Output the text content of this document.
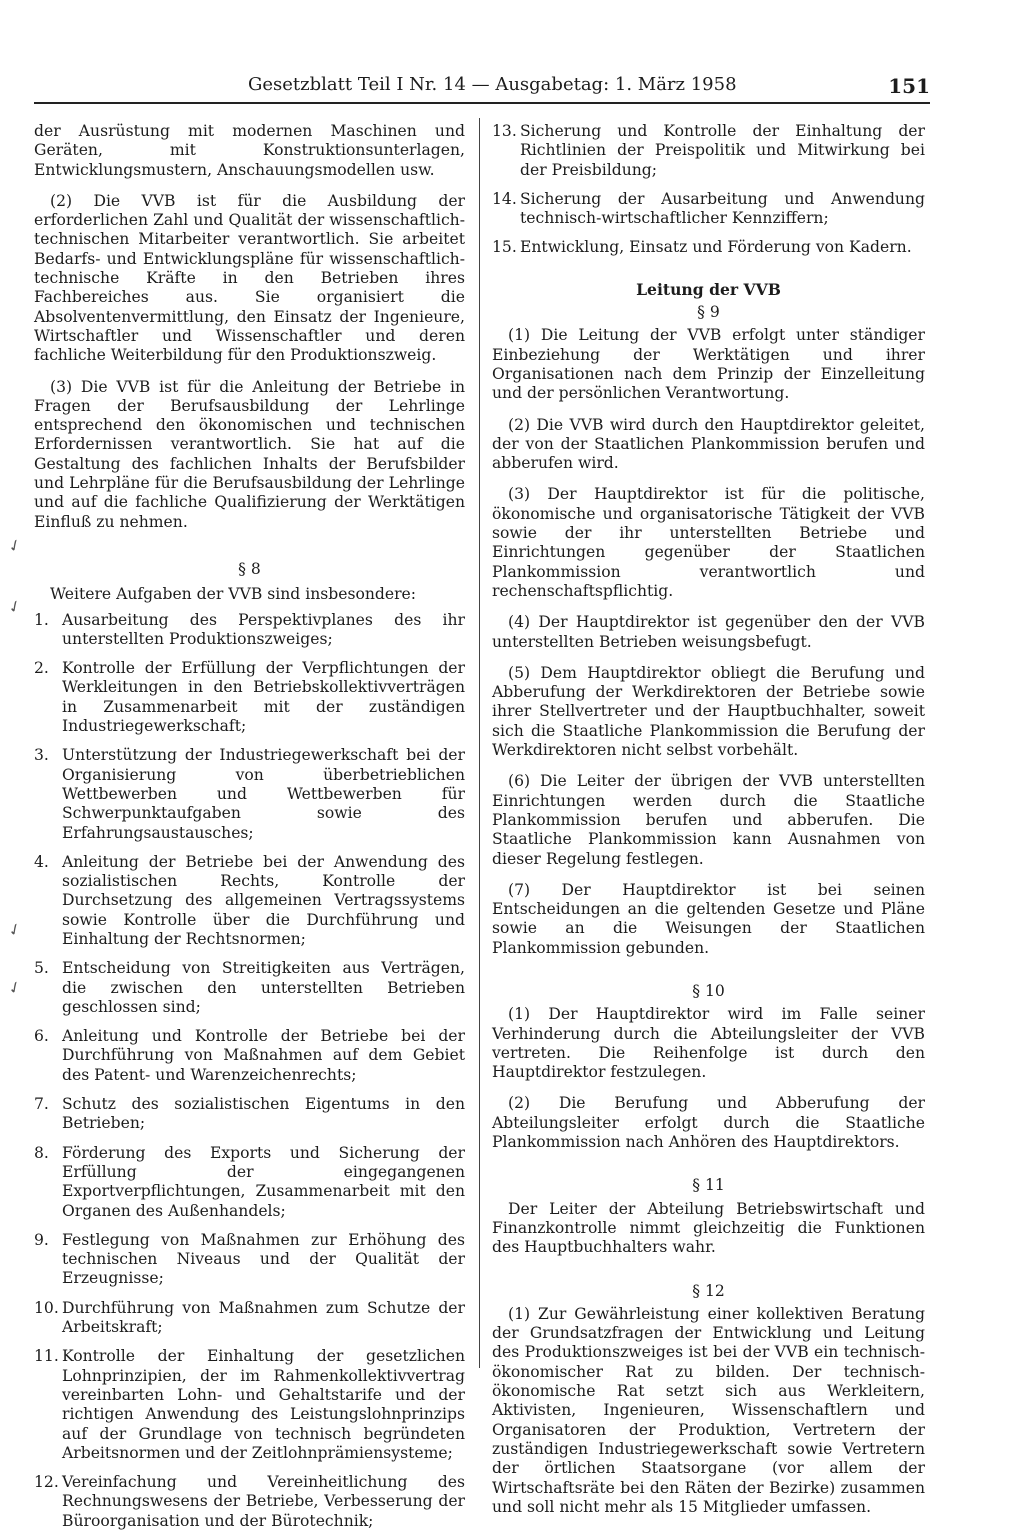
Gesetzblatt Teil I Nr. 14 — Ausgabetag: 1. März 1958	151
✓
✓
✓
✓

der Ausrüstung mit modernen Maschinen und Geräten, mit Konstruktionsunterlagen, Entwicklungsmustern, Anschauungsmodellen usw.

(2) Die VVB ist für die Ausbildung der erforderlichen Zahl und Qualität der wissenschaftlich-technischen Mitarbeiter verantwortlich. Sie arbeitet Bedarfs- und Entwicklungspläne für wissenschaftlich-technische Kräfte in den Betrieben ihres Fachbereiches aus. Sie organisiert die Absolventenvermittlung, den Einsatz der Ingenieure, Wirtschaftler und Wissenschaftler und deren fachliche Weiterbildung für den Produktionszweig.

(3) Die VVB ist für die Anleitung der Betriebe in Fragen der Berufsausbildung der Lehrlinge entsprechend den ökonomischen und technischen Erfordernissen verantwortlich. Sie hat auf die Gestaltung des fachlichen Inhalts der Berufsbilder und Lehrpläne für die Berufsausbildung der Lehrlinge und auf die fachliche Qualifizierung der Werktätigen Einfluß zu nehmen.

§ 8

Weitere Aufgaben der VVB sind insbesondere:

1. Ausarbeitung des Perspektivplanes des ihr unterstellten Produktionszweiges;
2. Kontrolle der Erfüllung der Verpflichtungen der Werkleitungen in den Betriebskollektivverträgen in Zusammenarbeit mit der zuständigen Industriegewerkschaft;
3. Unterstützung der Industriegewerkschaft bei der Organisierung von überbetrieblichen Wettbewerben und Wettbewerben für Schwerpunktaufgaben sowie des Erfahrungsaustausches;
4. Anleitung der Betriebe bei der Anwendung des sozialistischen Rechts, Kontrolle der Durchsetzung des allgemeinen Vertragssystems sowie Kontrolle über die Durchführung und Einhaltung der Rechtsnormen;
5. Entscheidung von Streitigkeiten aus Verträgen, die zwischen den unterstellten Betrieben geschlossen sind;
6. Anleitung und Kontrolle der Betriebe bei der Durchführung von Maßnahmen auf dem Gebiet des Patent- und Warenzeichenrechts;
7. Schutz des sozialistischen Eigentums in den Betrieben;
8. Förderung des Exports und Sicherung der Erfüllung der eingegangenen Exportverpflichtungen, Zusammenarbeit mit den Organen des Außenhandels;
9. Festlegung von Maßnahmen zur Erhöhung des technischen Niveaus und der Qualität der Erzeugnisse;
10. Durchführung von Maßnahmen zum Schutze der Arbeitskraft;
11. Kontrolle der Einhaltung der gesetzlichen Lohnprinzipien, der im Rahmenkollektivvertrag vereinbarten Lohn- und Gehaltstarife und der richtigen Anwendung des Leistungslohnprinzips auf der Grundlage von technisch begründeten Arbeitsnormen und der Zeitlohnprämiensysteme;
12. Vereinfachung und Vereinheitlichung des Rechnungswesens der Betriebe, Verbesserung der Büroorganisation und der Bürotechnik;
13. Sicherung und Kontrolle der Einhaltung der Richtlinien der Preispolitik und Mitwirkung bei der Preisbildung;
14. Sicherung der Ausarbeitung und Anwendung technisch-wirtschaftlicher Kennziffern;
15. Entwicklung, Einsatz und Förderung von Kadern.

Leitung der VVB

§ 9

(1) Die Leitung der VVB erfolgt unter ständiger Einbeziehung der Werktätigen und ihrer Organisationen nach dem Prinzip der Einzelleitung und der persönlichen Verantwortung.

(2) Die VVB wird durch den Hauptdirektor geleitet, der von der Staatlichen Plankommission berufen und abberufen wird.

(3) Der Hauptdirektor ist für die politische, ökonomische und organisatorische Tätigkeit der VVB sowie der ihr unterstellten Betriebe und Einrichtungen gegenüber der Staatlichen Plankommission verantwortlich und rechenschaftspflichtig.

(4) Der Hauptdirektor ist gegenüber den der VVB unterstellten Betrieben weisungsbefugt.

(5) Dem Hauptdirektor obliegt die Berufung und Abberufung der Werkdirektoren der Betriebe sowie ihrer Stellvertreter und der Hauptbuchhalter, soweit sich die Staatliche Plankommission die Berufung der Werkdirektoren nicht selbst vorbehält.

(6) Die Leiter der übrigen der VVB unterstellten Einrichtungen werden durch die Staatliche Plankommission berufen und abberufen. Die Staatliche Plankommission kann Ausnahmen von dieser Regelung festlegen.

(7) Der Hauptdirektor ist bei seinen Entscheidungen an die geltenden Gesetze und Pläne sowie an die Weisungen der Staatlichen Plankommission gebunden.

§ 10

(1) Der Hauptdirektor wird im Falle seiner Verhinderung durch die Abteilungsleiter der VVB vertreten. Die Reihenfolge ist durch den Hauptdirektor festzulegen.

(2) Die Berufung und Abberufung der Abteilungsleiter erfolgt durch die Staatliche Plankommission nach Anhören des Hauptdirektors.

§ 11

Der Leiter der Abteilung Betriebswirtschaft und Finanzkontrolle nimmt gleichzeitig die Funktionen des Hauptbuchhalters wahr.

§ 12

(1) Zur Gewährleistung einer kollektiven Beratung der Grundsatzfragen der Entwicklung und Leitung des Produktionszweiges ist bei der VVB ein technisch-ökonomischer Rat zu bilden. Der technisch-ökonomische Rat setzt sich aus Werkleitern, Aktivisten, Ingenieuren, Wissenschaftlern und Organisatoren der Produktion, Vertretern der zuständigen Industriegewerkschaft sowie Vertretern der örtlichen Staatsorgane (vor allem der Wirtschaftsräte bei den Räten der Bezirke) zusammen und soll nicht mehr als 15 Mitglieder umfassen.
